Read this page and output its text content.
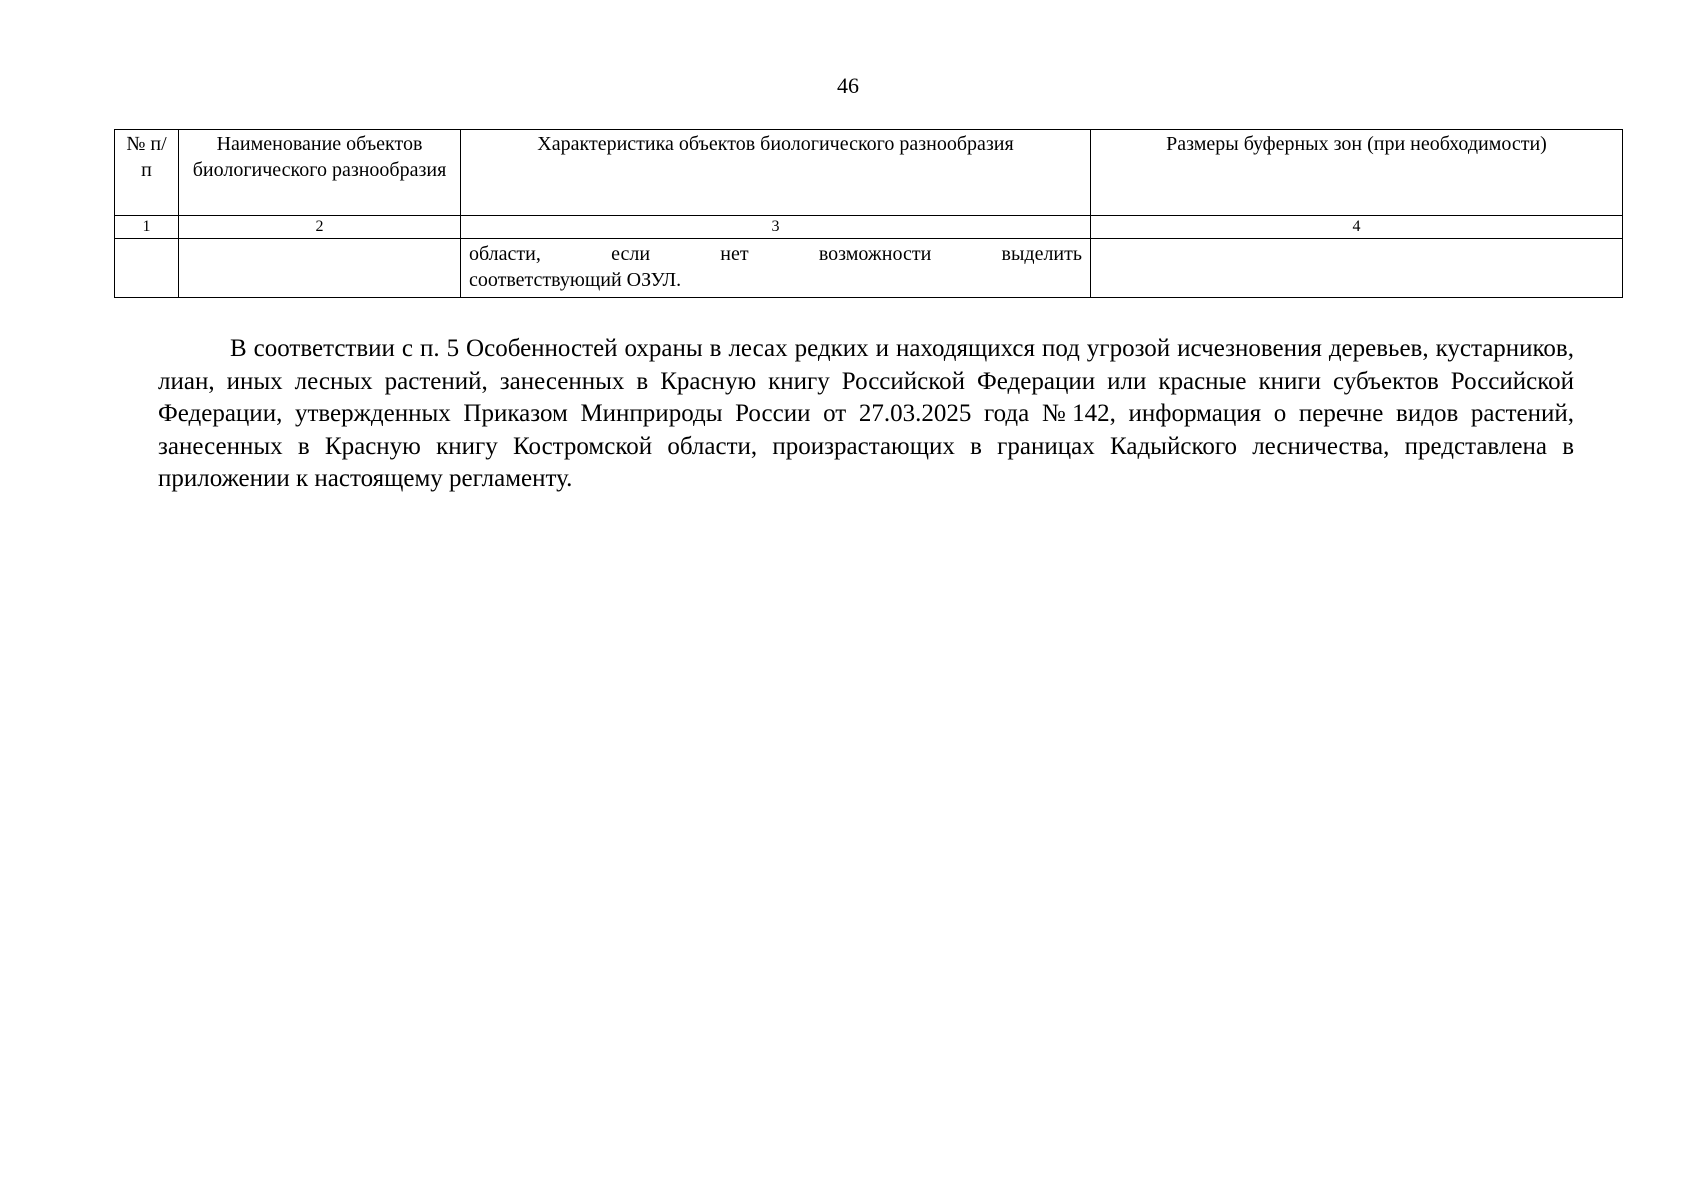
46
№ п/п	Наименование объектов биологического разнообразия	Характеристика объектов биологического разнообразия	Размеры буферных зон (при необходимости)
1	2	3	4

		области, если нет возможности выделить
соответствующий ОЗУЛ.	

В соответствии с п. 5 Особенностей охраны в лесах редких и находящихся под угрозой исчезновения деревьев, кустарников, лиан, иных лесных растений, занесенных в Красную книгу Российской Федерации или красные книги субъектов Российской Федерации, утвержденных Приказом Минприроды России от 27.03.2025 года №142, информация о перечне видов растений, занесенных в Красную книгу Костромской области, произрастающих в границах Кадыйского лесничества, представлена в приложении к настоящему регламенту.
